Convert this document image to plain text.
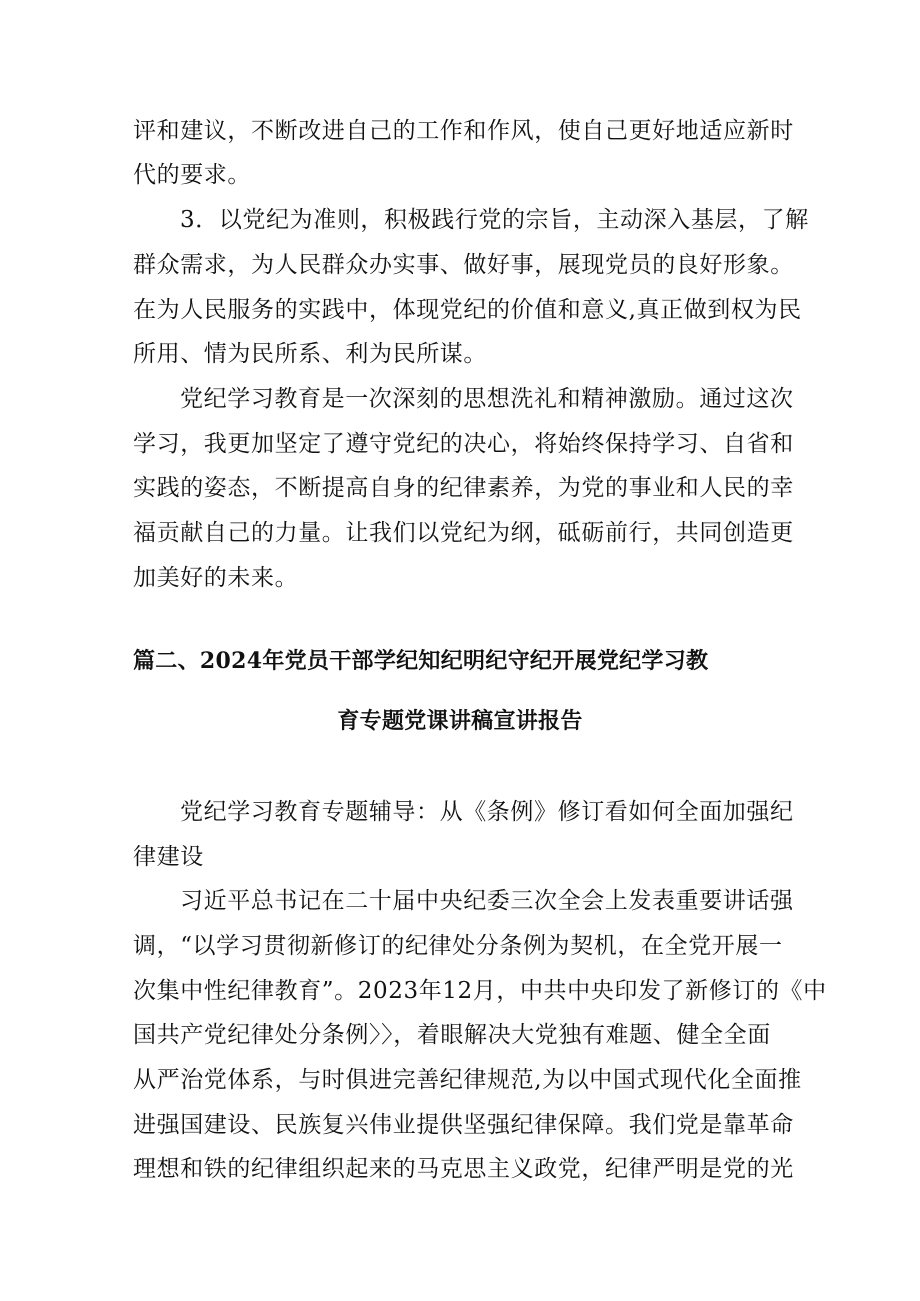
评和建议，不断改进自己的工作和作风，使自己更好地适应新时
代的要求。
3．以党纪为准则，积极践行党的宗旨，主动深入基层，了解
群众需求，为人民群众办实事、做好事，展现党员的良好形象。
在为人民服务的实践中，体现党纪的价值和意义,真正做到权为民
所用、情为民所系、利为民所谋。
党纪学习教育是一次深刻的思想洗礼和精神激励。通过这次
学习，我更加坚定了遵守党纪的决心，将始终保持学习、自省和
实践的姿态，不断提高自身的纪律素养，为党的事业和人民的幸
福贡献自己的力量。让我们以党纪为纲，砥砺前行，共同创造更
加美好的未来。
篇二、2024年党员干部学纪知纪明纪守纪开展党纪学习教
育专题党课讲稿宣讲报告
党纪学习教育专题辅导：从《条例》修订看如何全面加强纪
律建设
习近平总书记在二十届中央纪委三次全会上发表重要讲话强
调，“以学习贯彻新修订的纪律处分条例为契机，在全党开展一
次集中性纪律教育”。2023年12月，中共中央印发了新修订的《中
国共产党纪律处分条例〉〉，着眼解决大党独有难题、健全全面
从严治党体系，与时俱进完善纪律规范,为以中国式现代化全面推
进强国建设、民族复兴伟业提供坚强纪律保障。我们党是靠革命
理想和铁的纪律组织起来的马克思主义政党，纪律严明是党的光
